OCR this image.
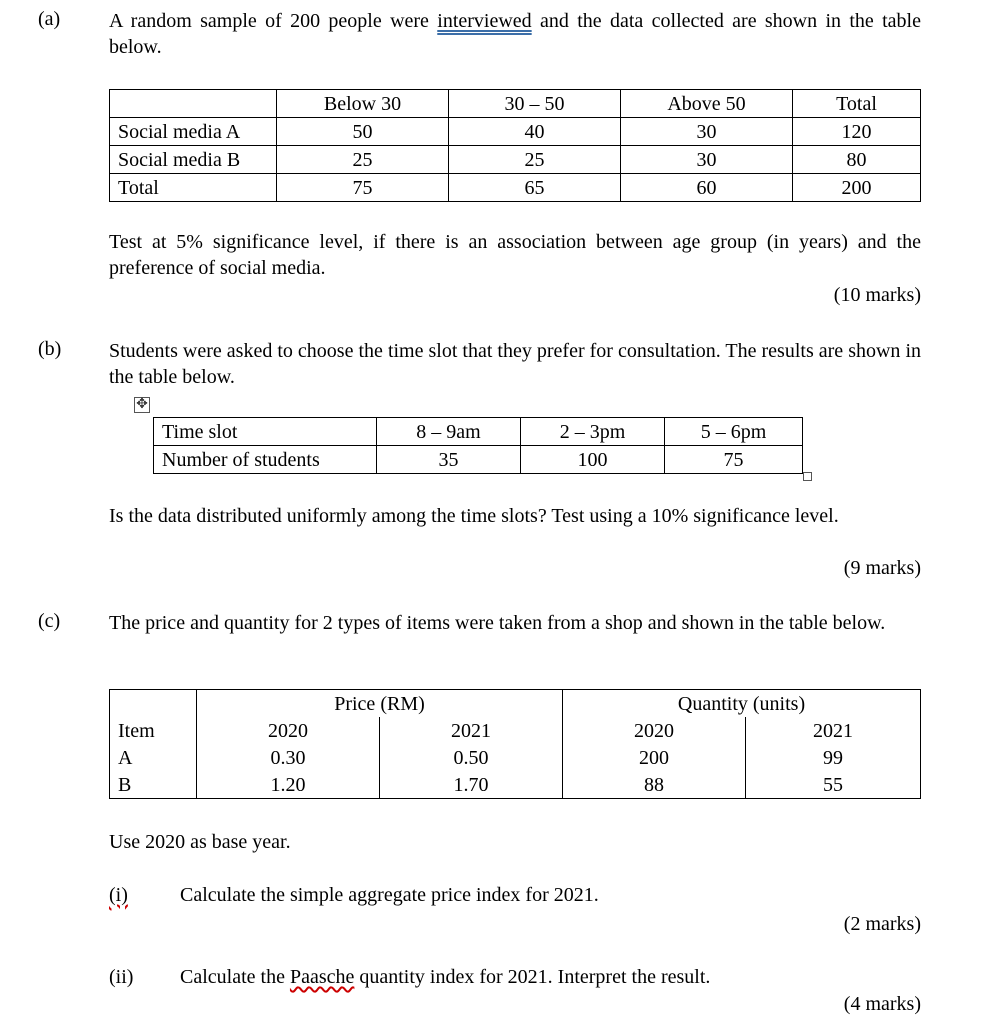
(a) A random sample of 200 people were interviewed and the data collected are shown in the table below.
	Below 30	30 – 50	Above 50	Total
Social media A	50	40	30	120
Social media B	25	25	30	80
Total	75	65	60	200
Test at 5% significance level, if there is an association between age group (in years) and the preference of social media.
(10 marks)
(b) Students were asked to choose the time slot that they prefer for consultation. The results are shown in the table below.
✥
Time slot	8 – 9am	2 – 3pm	5 – 6pm
Number of students	35	100	75
Is the data distributed uniformly among the time slots? Test using a 10% significance level.
(9 marks)
(c) The price and quantity for 2 types of items were taken from a shop and shown in the table below.
	Price (RM)		Quantity (units)	
Item	2020	2021	2020	2021
A	0.30	0.50	200	99
B	1.20	1.70	88	55
Use 2020 as base year.
(i)	Calculate the simple aggregate price index for 2021.
(2 marks)
(ii) Calculate the Paasche quantity index for 2021. Interpret the result.
(4 marks)
